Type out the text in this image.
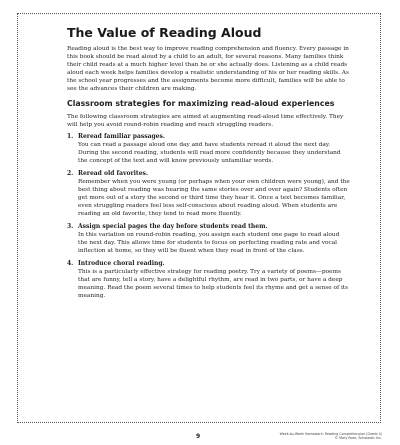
The Value of Reading Aloud

Reading aloud is the best way to improve reading comprehension and fluency. Every passage in this book should be read aloud by a child to an adult, for several reasons. Many families think their child reads at a much higher level than he or she actually does. Listening as a child reads aloud each week helps families develop a realistic understanding of his or her reading skills. As the school year progresses and the assignments become more difficult, families will be able to see the advances their children are making.

Classroom strategies for maximizing read-aloud experiences

The following classroom strategies are aimed at augmenting read-aloud time effectively. They will help you avoid round-robin reading and reach struggling readers.

1. Reread familiar passages.

You can read a passage aloud one day and have students reread it aloud the next day. During the second reading, students will read more confidently because they understand the concept of the text and will know previously unfamiliar words.

2. Reread old favorites.

Remember when you were young (or perhaps when your own children were young), and the best thing about reading was hearing the same stories over and over again? Students often get more out of a story the second or third time they hear it. Once a text becomes familiar, even struggling readers feel less self-conscious about reading aloud. When students are reading an old favorite, they tend to read more fluently.

3. Assign special pages the day before students read them.

In this variation on round-robin reading, you assign each student one page to read aloud the next day. This allows time for students to focus on perfecting reading rate and vocal inflection at home, so they will be fluent when they read in front of the class.

4. Introduce choral reading.

This is a particularly effective strategy for reading poetry. Try a variety of poems—poems that are funny, tell a story, have a delightful rhythm, are read in two parts, or have a deep meaning. Read the poem several times to help students feel its rhyme and get a sense of its meaning.

9	Week-by-Week Homework: Reading Comprehension (Grade 4)
© Mary Rose, Scholastic Inc.
